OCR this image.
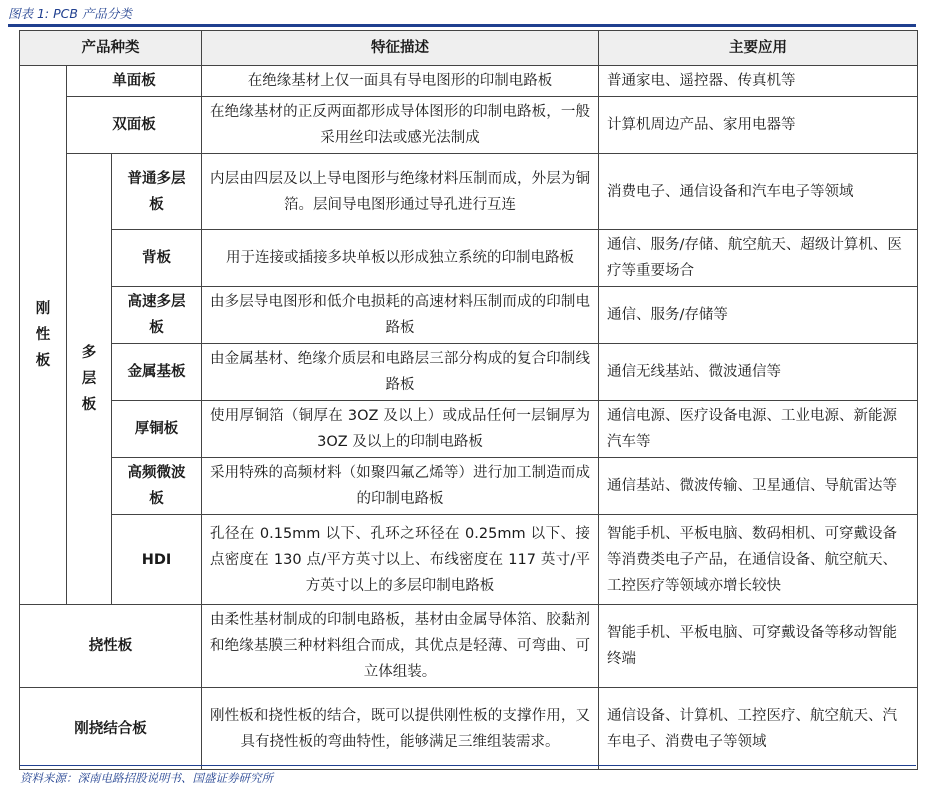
图表 1: PCB 产品分类
产品种类			特征描述	主要应用
刚性板	单面板		在绝缘基材上仅一面具有导电图形的印制电路板	普通家电、遥控器、传真机等
	双面板		在绝缘基材的正反两面都形成导体图形的印制电路板，一般采用丝印法或感光法制成	计算机周边产品、家用电器等
	多层板	普通多层板	内层由四层及以上导电图形与绝缘材料压制而成，外层为铜箔。层间导电图形通过导孔进行互连	消费电子、通信设备和汽车电子等领域
		背板	用于连接或插接多块单板以形成独立系统的印制电路板	通信、服务/存储、航空航天、超级计算机、医疗等重要场合
		高速多层板	由多层导电图形和低介电损耗的高速材料压制而成的印制电路板	通信、服务/存储等
		金属基板	由金属基材、绝缘介质层和电路层三部分构成的复合印制线路板	通信无线基站、微波通信等
		厚铜板	使用厚铜箔（铜厚在 3OZ 及以上）或成品任何一层铜厚为 3OZ 及以上的印制电路板	通信电源、医疗设备电源、工业电源、新能源汽车等
		高频微波板	采用特殊的高频材料（如聚四氟乙烯等）进行加工制造而成的印制电路板	通信基站、微波传输、卫星通信、导航雷达等
		HDI	孔径在 0.15mm 以下、孔环之环径在 0.25mm 以下、接点密度在 130 点/平方英寸以上、布线密度在 117 英寸/平方英寸以上的多层印制电路板	智能手机、平板电脑、数码相机、可穿戴设备等消费类电子产品，在通信设备、航空航天、工控医疗等领域亦增长较快
挠性板			由柔性基材制成的印制电路板，基材由金属导体箔、胶黏剂和绝缘基膜三种材料组合而成，其优点是轻薄、可弯曲、可立体组装。	智能手机、平板电脑、可穿戴设备等移动智能终端
刚挠结合板			刚性板和挠性板的结合，既可以提供刚性板的支撑作用，又具有挠性板的弯曲特性，能够满足三维组装需求。	通信设备、计算机、工控医疗、航空航天、汽车电子、消费电子等领域
资料来源：深南电路招股说明书、国盛证券研究所
